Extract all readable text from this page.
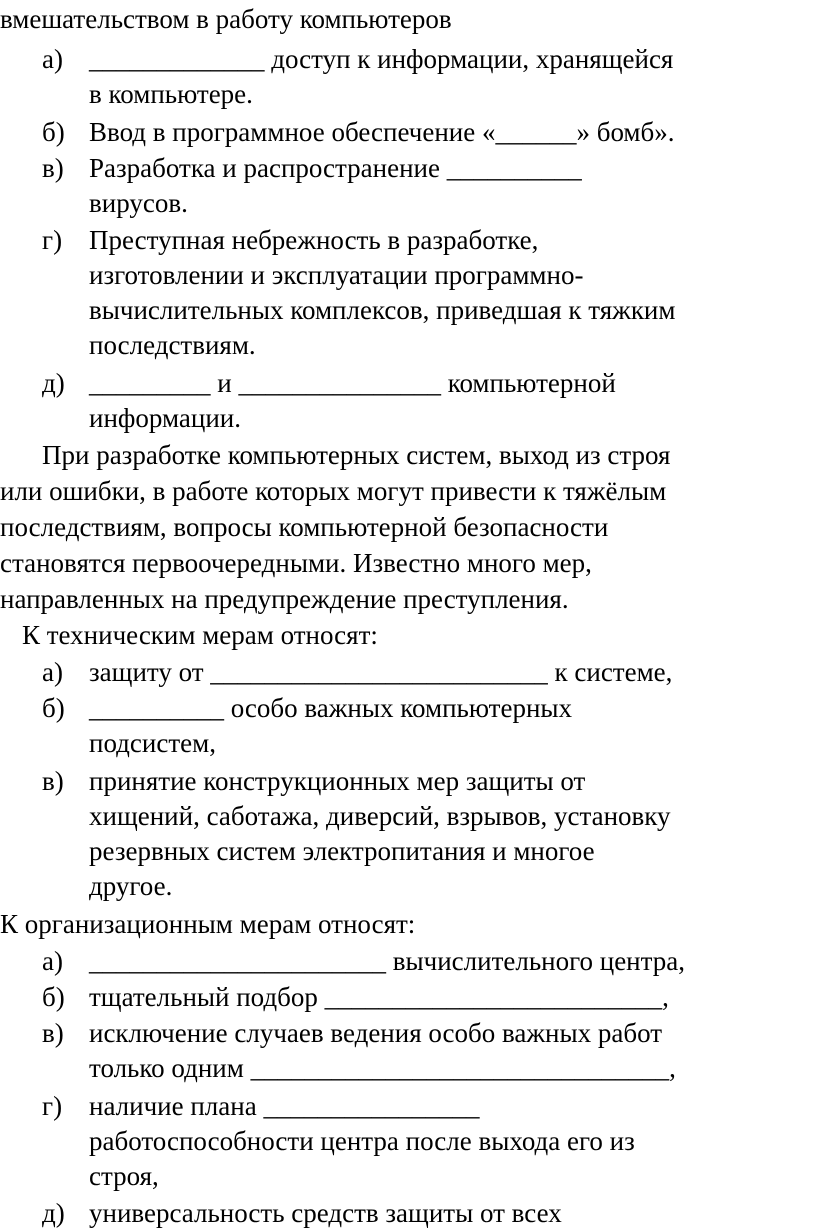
вмешательством в работу компьютеров

а) _____________ доступ к информации, хранящейся
в компьютере.
б) Ввод в программное обеспечение «______» бомб».
в) Разработка и распространение __________
вирусов.
г) Преступная небрежность в разработке,
изготовлении и эксплуатации программно-
вычислительных комплексов, приведшая к тяжким
последствиям.
д) _________ и _______________ компьютерной
информации.

При разработке компьютерных систем, выход из строя

или ошибки, в работе которых могут привести к тяжёлым

последствиям, вопросы компьютерной безопасности

становятся первоочередными. Известно много мер,

направленных на предупреждение преступления.

К техническим мерам относят:

а) защиту от _________________________ к системе,
б) __________ особо важных компьютерных
подсистем,
в) принятие конструкционных мер защиты от
хищений, саботажа, диверсий, взрывов, установку
резервных систем электропитания и многое
другое.

К организационным мерам относят:

а) ______________________ вычислительного центра,
б) тщательный подбор _________________________,
в) исключение случаев ведения особо важных работ
только одним _______________________________,
г) наличие плана ________________
работоспособности центра после выхода его из
строя,
д) универсальность средств защиты от всех
